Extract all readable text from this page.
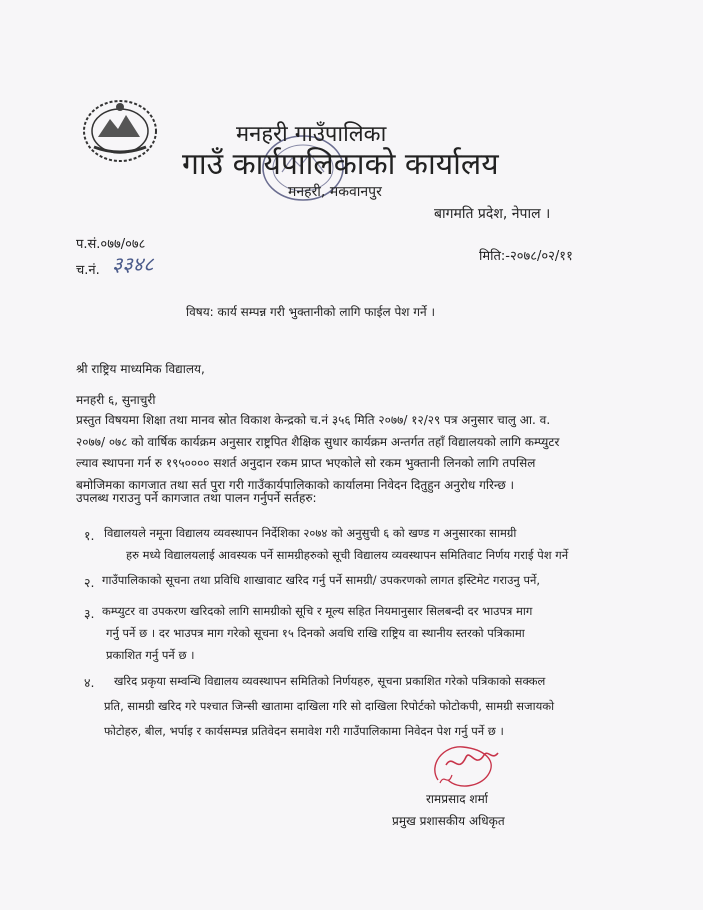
मनहरी गाउँपालिका
गाउँ कार्यपालिकाको कार्यालय
मनहरी, मकवानपुर
बागमति प्रदेश, नेपाल ।
प.सं.०७७/०७८
च.नं. ३३४८	मिति:-२०७८/०२/११
विषय: कार्य सम्पन्न गरी भुक्तानीको लागि फाईल पेश गर्ने ।
श्री राष्ट्रिय माध्यमिक विद्यालय,
मनहरी ६, सुनाचुरी
प्रस्तुत विषयमा शिक्षा तथा मानव स्रोत विकाश केन्द्रको च.नं ३५६ मिति २०७७/ १२/२९ पत्र अनुसार चालु आ. व.
२०७७/ ०७८ को वार्षिक कार्यक्रम अनुसार राष्ट्रपित शैक्षिक सुधार कार्यक्रम अन्तर्गत तहाँ विद्यालयको लागि कम्प्युटर
ल्याव स्थापना गर्न रु १९५०००० सशर्त अनुदान रकम प्राप्त भएकोले सो रकम भुक्तानी लिनको लागि तपसिल
बमोजिमका कागजात तथा सर्त पुरा गरी गाउँकार्यपालिकाको कार्यालमा निवेदन दितुहुन अनुरोध गरिन्छ ।
उपलब्ध गराउनु पर्ने कागजात तथा पालन गर्नुपर्ने सर्तहरु:
१. विद्यालयले नमूना विद्यालय व्यवस्थापन निर्देशिका २०७४ को अनुसुची ६ को खण्ड ग अनुसारका सामग्री
हरु मध्ये विद्यालयलाई आवस्यक पर्ने सामग्रीहरुको सूची विद्यालय व्यवस्थापन समितिवाट निर्णय गराई पेश गर्ने
२. गाउँपालिकाको सूचना तथा प्रविधि शाखावाट खरिद गर्नु पर्ने सामग्री/ उपकरणको लागत इस्टिमेट गराउनु पर्ने,
३. कम्प्युटर वा उपकरण खरिदको लागि सामग्रीको सूचि र मूल्य सहित नियमानुसार सिलबन्दी दर भाउपत्र माग
गर्नु पर्ने छ । दर भाउपत्र माग गरेको सूचना १५ दिनको अवधि राखि राष्ट्रिय वा स्थानीय स्तरको पत्रिकामा
प्रकाशित गर्नु पर्ने छ ।
४. खरिद प्रकृया सम्वन्धि विद्यालय व्यवस्थापन समितिको निर्णयहरु, सूचना प्रकाशित गरेको पत्रिकाको सक्कल
प्रति, सामग्री खरिद गरे पश्चात जिन्सी खातामा दाखिला गरि सो दाखिला रिपोर्टको फोटोकपी, सामग्री सजायको
फोटोहरु, बील, भर्पाइ र कार्यसम्पन्न प्रतिवेदन समावेश गरी गाउँपालिकामा निवेदन पेश गर्नु पर्ने छ ।
रामप्रसाद शर्मा
प्रमुख प्रशासकीय अधिकृत
